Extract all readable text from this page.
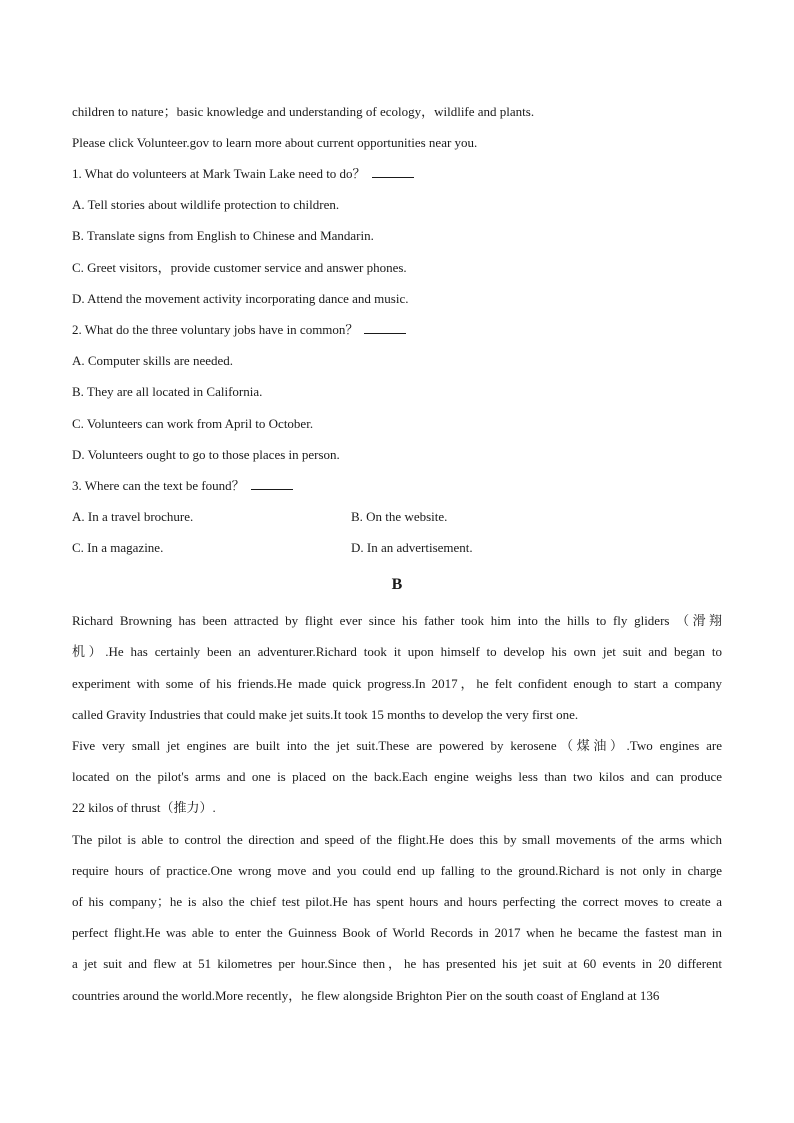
children to nature；basic knowledge and understanding of ecology，wildlife and plants.
Please click Volunteer.gov to learn more about current opportunities near you.
1. What do volunteers at Mark Twain Lake need to do？
A. Tell stories about wildlife protection to children.
B. Translate signs from English to Chinese and Mandarin.
C. Greet visitors，provide customer service and answer phones.
D. Attend the movement activity incorporating dance and music.
2. What do the three voluntary jobs have in common？
A. Computer skills are needed.
B. They are all located in California.
C. Volunteers can work from April to October.
D. Volunteers ought to go to those places in person.
3. Where can the text be found？
A. In a travel brochure.	B. On the website.
C. In a magazine.	D. In an advertisement.
B
Richard Browning has been attracted by flight ever since his father took him into the hills to fly gliders （滑翔
机）.He has certainly been an adventurer.Richard took it upon himself to develop his own jet suit and began to
experiment with some of his friends.He made quick progress.In 2017，he felt confident enough to start a company
called Gravity Industries that could make jet suits.It took 15 months to develop the very first one.
Five very small jet engines are built into the jet suit.These are powered by kerosene（煤油）.Two engines are
located on the pilot's arms and one is placed on the back.Each engine weighs less than two kilos and can produce
22 kilos of thrust（推力）.
The pilot is able to control the direction and speed of the flight.He does this by small movements of the arms which
require hours of practice.One wrong move and you could end up falling to the ground.Richard is not only in charge
of his company；he is also the chief test pilot.He has spent hours and hours perfecting the correct moves to create a
perfect flight.He was able to enter the Guinness Book of World Records in 2017 when he became the fastest man in
a jet suit and flew at 51 kilometres per hour.Since then，he has presented his jet suit at 60 events in 20 different
countries around the world.More recently，he flew alongside Brighton Pier on the south coast of England at 136
